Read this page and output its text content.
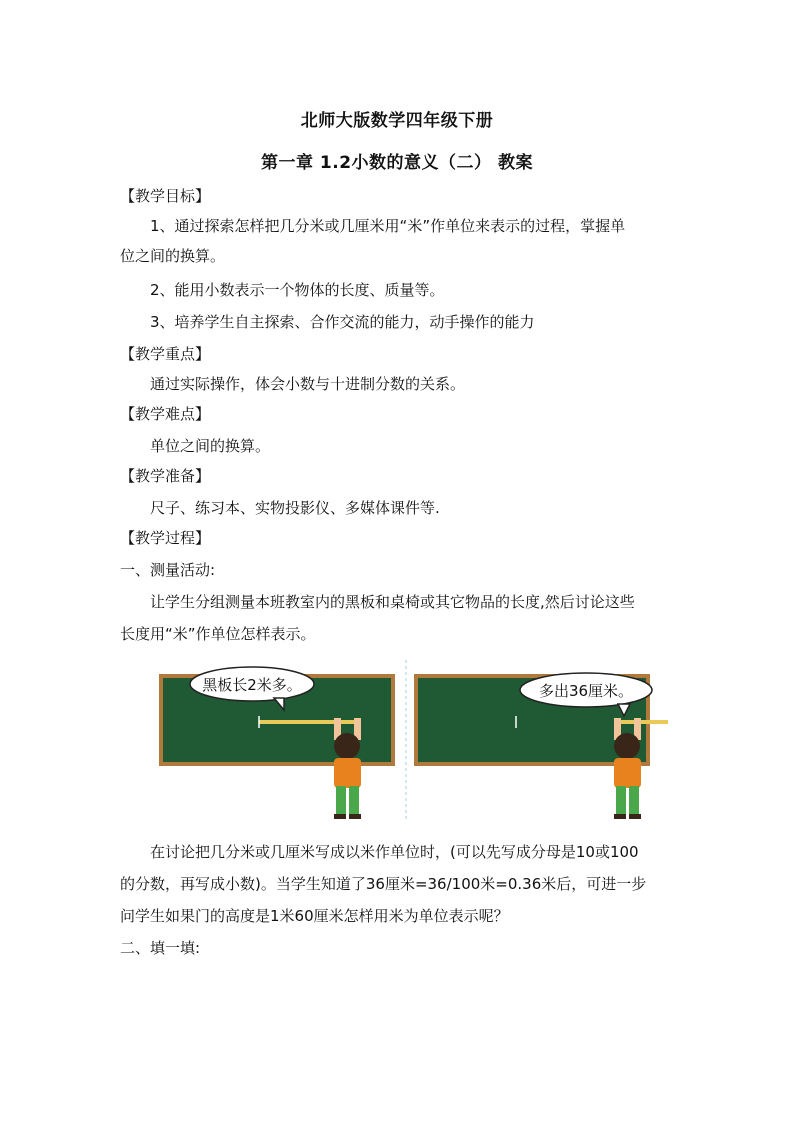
北师大版数学四年级下册
第一章 1.2小数的意义（二） 教案
【教学目标】
1、通过探索怎样把几分米或几厘米用“米”作单位来表示的过程，掌握单
位之间的换算。
2、能用小数表示一个物体的长度、质量等。
3、培养学生自主探索、合作交流的能力，动手操作的能力
【教学重点】
通过实际操作，体会小数与十进制分数的关系。
【教学难点】
单位之间的换算。
【教学准备】
尺子、练习本、实物投影仪、多媒体课件等.
【教学过程】
一、测量活动:
让学生分组测量本班教室内的黑板和桌椅或其它物品的长度,然后讨论这些
长度用“米”作单位怎样表示。
黑板长2米多。	多出36厘米。
在讨论把几分米或几厘米写成以米作单位时，(可以先写成分母是10或100
的分数，再写成小数)。当学生知道了36厘米=36/100米=0.36米后，可进一步
问学生如果门的高度是1米60厘米怎样用米为单位表示呢？
二、填一填:
